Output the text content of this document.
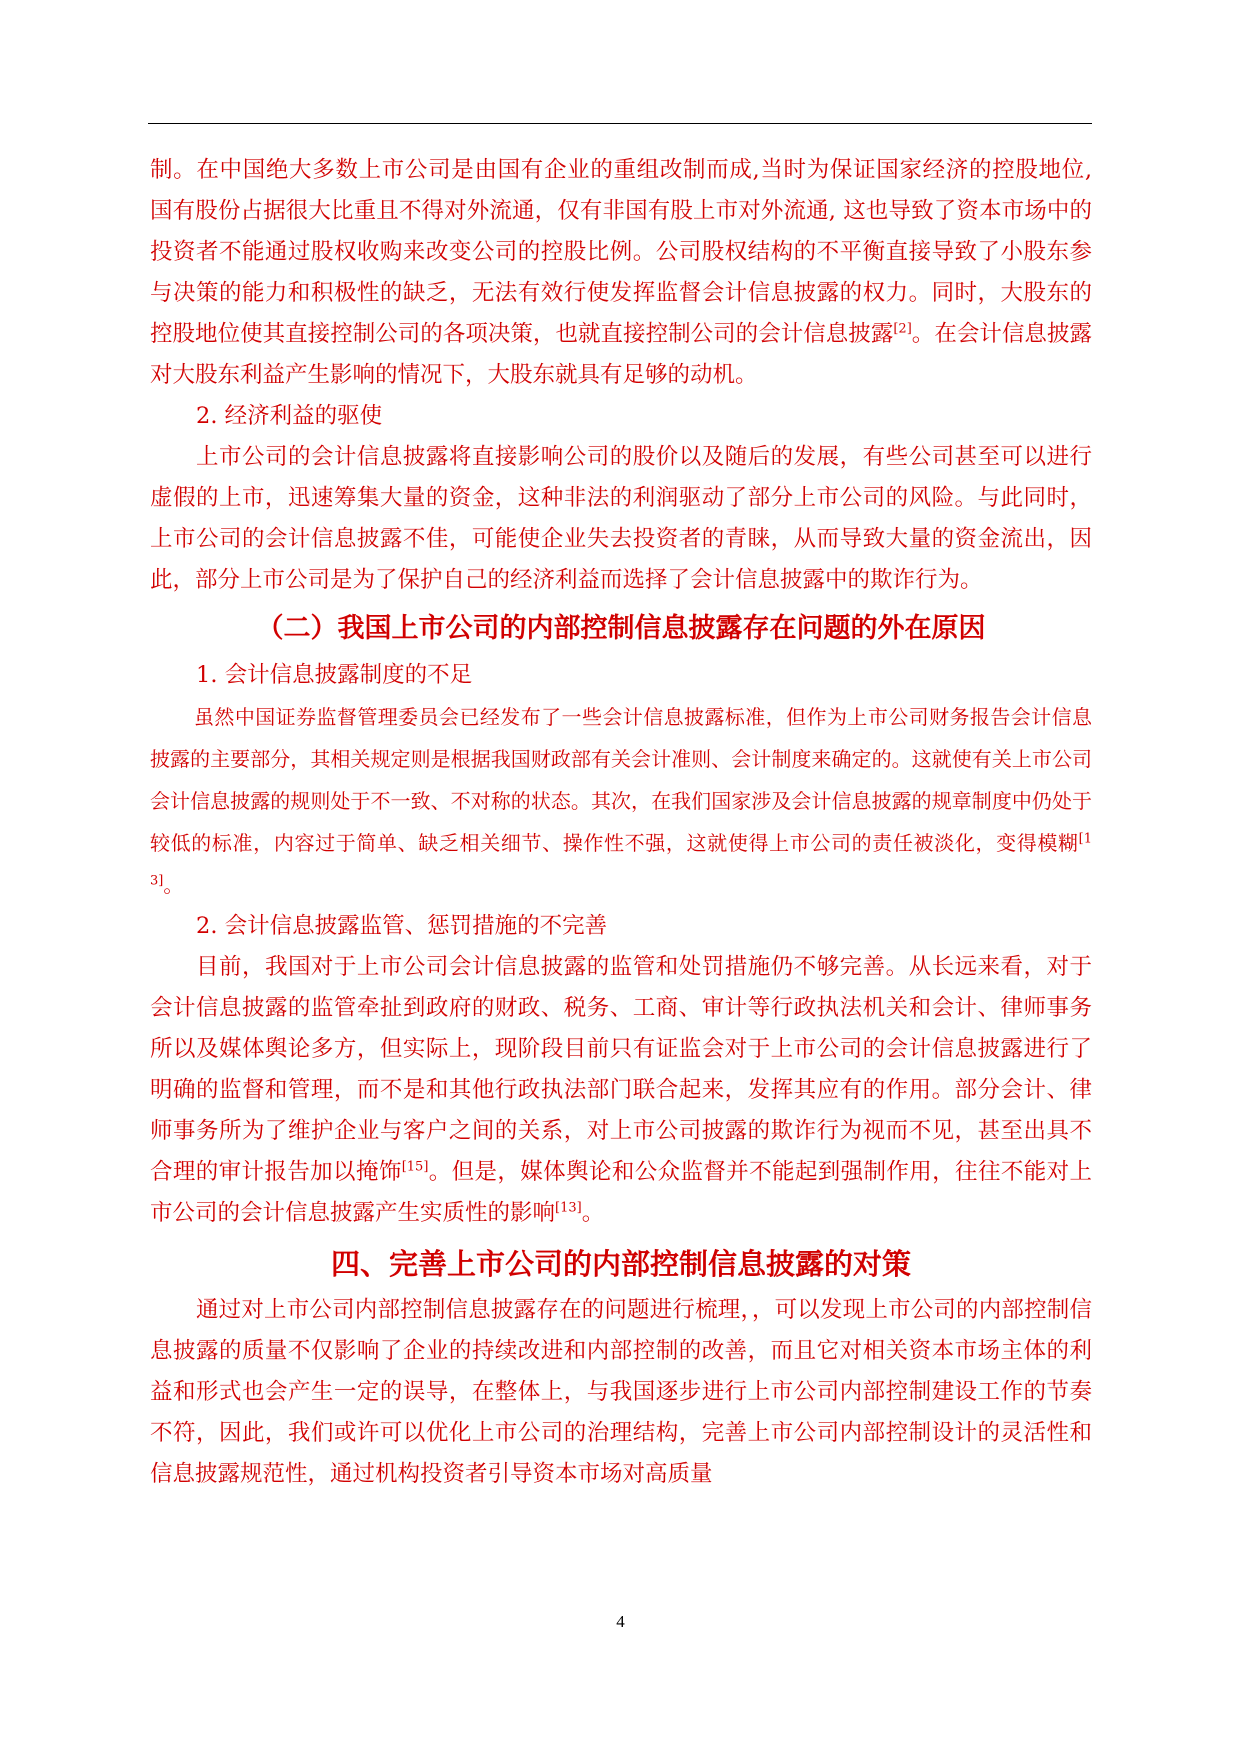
制。在中国绝大多数上市公司是由国有企业的重组改制而成,当时为保证国家经济的控股地位, 国有股份占据很大比重且不得对外流通，仅有非国有股上市对外流通, 这也导致了资本市场中的投资者不能通过股权收购来改变公司的控股比例。公司股权结构的不平衡直接导致了小股东参与决策的能力和积极性的缺乏，无法有效行使发挥监督会计信息披露的权力。同时，大股东的控股地位使其直接控制公司的各项决策，也就直接控制公司的会计信息披露[2]。在会计信息披露对大股东利益产生影响的情况下，大股东就具有足够的动机。

2. 经济利益的驱使

上市公司的会计信息披露将直接影响公司的股价以及随后的发展，有些公司甚至可以进行虚假的上市，迅速筹集大量的资金，这种非法的利润驱动了部分上市公司的风险。与此同时，上市公司的会计信息披露不佳，可能使企业失去投资者的青睐，从而导致大量的资金流出，因此，部分上市公司是为了保护自己的经济利益而选择了会计信息披露中的欺诈行为。

（二）我国上市公司的内部控制信息披露存在问题的外在原因

1. 会计信息披露制度的不足

虽然中国证券监督管理委员会已经发布了一些会计信息披露标准，但作为上市公司财务报告会计信息披露的主要部分，其相关规定则是根据我国财政部有关会计准则、会计制度来确定的。这就使有关上市公司会计信息披露的规则处于不一致、不对称的状态。其次，在我们国家涉及会计信息披露的规章制度中仍处于较低的标准，内容过于简单、缺乏相关细节、操作性不强，这就使得上市公司的责任被淡化，变得模糊[13]。

2. 会计信息披露监管、惩罚措施的不完善

目前，我国对于上市公司会计信息披露的监管和处罚措施仍不够完善。从长远来看，对于会计信息披露的监管牵扯到政府的财政、税务、工商、审计等行政执法机关和会计、律师事务所以及媒体舆论多方，但实际上，现阶段目前只有证监会对于上市公司的会计信息披露进行了明确的监督和管理，而不是和其他行政执法部门联合起来，发挥其应有的作用。部分会计、律师事务所为了维护企业与客户之间的关系，对上市公司披露的欺诈行为视而不见，甚至出具不合理的审计报告加以掩饰[15]。但是，媒体舆论和公众监督并不能起到强制作用，往往不能对上市公司的会计信息披露产生实质性的影响[13]。

四、完善上市公司的内部控制信息披露的对策

通过对上市公司内部控制信息披露存在的问题进行梳理，，可以发现上市公司的内部控制信息披露的质量不仅影响了企业的持续改进和内部控制的改善，而且它对相关资本市场主体的利益和形式也会产生一定的误导，在整体上，与我国逐步进行上市公司内部控制建设工作的节奏不符，因此，我们或许可以优化上市公司的治理结构，完善上市公司内部控制设计的灵活性和信息披露规范性，通过机构投资者引导资本市场对高质量

4
